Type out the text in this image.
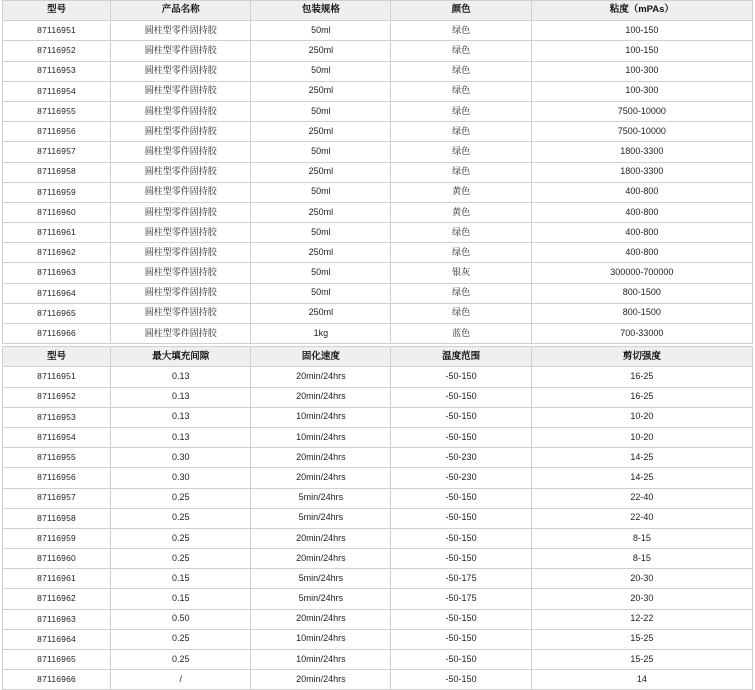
型号	产品名称	包装规格	颜色	粘度（mPAs）
87116951	圆柱型零件固持胶	50ml	绿色	100-150
87116952	圆柱型零件固持胶	250ml	绿色	100-150
87116953	圆柱型零件固持胶	50ml	绿色	100-300
87116954	圆柱型零件固持胶	250ml	绿色	100-300
87116955	圆柱型零件固持胶	50ml	绿色	7500-10000
87116956	圆柱型零件固持胶	250ml	绿色	7500-10000
87116957	圆柱型零件固持胶	50ml	绿色	1800-3300
87116958	圆柱型零件固持胶	250ml	绿色	1800-3300
87116959	圆柱型零件固持胶	50ml	黄色	400-800
87116960	圆柱型零件固持胶	250ml	黄色	400-800
87116961	圆柱型零件固持胶	50ml	绿色	400-800
87116962	圆柱型零件固持胶	250ml	绿色	400-800
87116963	圆柱型零件固持胶	50ml	银灰	300000-700000
87116964	圆柱型零件固持胶	50ml	绿色	800-1500
87116965	圆柱型零件固持胶	250ml	绿色	800-1500
87116966	圆柱型零件固持胶	1kg	蓝色	700-33000
型号	最大填充间隙	固化速度	温度范围	剪切强度
87116951	0.13	20min/24hrs	-50-150	16-25
87116952	0.13	20min/24hrs	-50-150	16-25
87116953	0.13	10min/24hrs	-50-150	10-20
87116954	0.13	10min/24hrs	-50-150	10-20
87116955	0.30	20min/24hrs	-50-230	14-25
87116956	0.30	20min/24hrs	-50-230	14-25
87116957	0.25	5min/24hrs	-50-150	22-40
87116958	0.25	5min/24hrs	-50-150	22-40
87116959	0.25	20min/24hrs	-50-150	8-15
87116960	0.25	20min/24hrs	-50-150	8-15
87116961	0.15	5min/24hrs	-50-175	20-30
87116962	0.15	5min/24hrs	-50-175	20-30
87116963	0.50	20min/24hrs	-50-150	12-22
87116964	0.25	10min/24hrs	-50-150	15-25
87116965	0.25	10min/24hrs	-50-150	15-25
87116966	/	20min/24hrs	-50-150	14
